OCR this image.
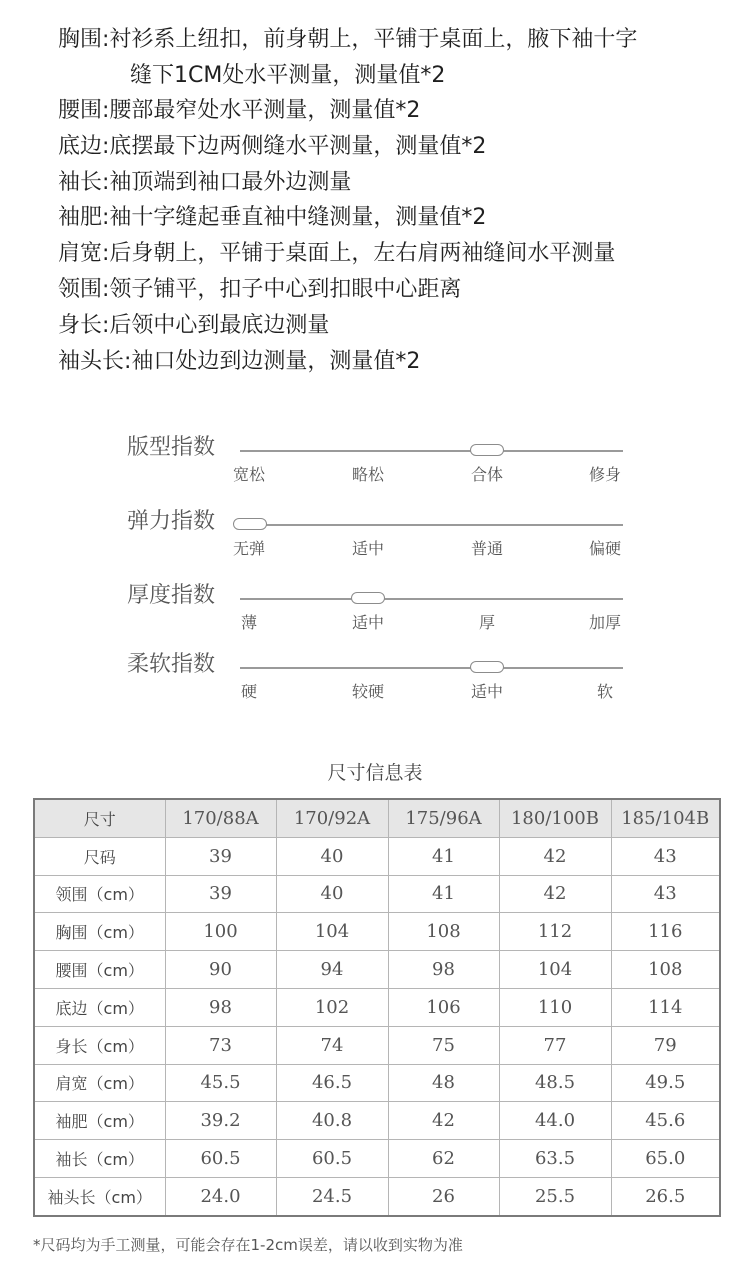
胸围:衬衫系上纽扣，前身朝上，平铺于桌面上，腋下袖十字
缝下1CM处水平测量，测量值*2
腰围:腰部最窄处水平测量，测量值*2
底边:底摆最下边两侧缝水平测量，测量值*2
袖长:袖顶端到袖口最外边测量
袖肥:袖十字缝起垂直袖中缝测量，测量值*2
肩宽:后身朝上，平铺于桌面上，左右肩两袖缝间水平测量
领围:领子铺平，扣子中心到扣眼中心距离
身长:后领中心到最底边测量
袖头长:袖口处边到边测量，测量值*2
版型指数
宽松	略松	合体	修身
弹力指数
无弹	适中	普通	偏硬
厚度指数
薄	适中	厚	加厚
柔软指数
硬	较硬	适中	软
尺寸信息表
尺寸	170/88A	170/92A	175/96A	180/100B	185/104B
尺码	39	40	41	42	43
领围（cm）	39	40	41	42	43
胸围（cm）	100	104	108	112	116
腰围（cm）	90	94	98	104	108
底边（cm）	98	102	106	110	114
身长（cm）	73	74	75	77	79
肩宽（cm）	45.5	46.5	48	48.5	49.5
袖肥（cm）	39.2	40.8	42	44.0	45.6
袖长（cm）	60.5	60.5	62	63.5	65.0
袖头长（cm）	24.0	24.5	26	25.5	26.5
*尺码均为手工测量，可能会存在1-2cm误差，请以收到实物为准
